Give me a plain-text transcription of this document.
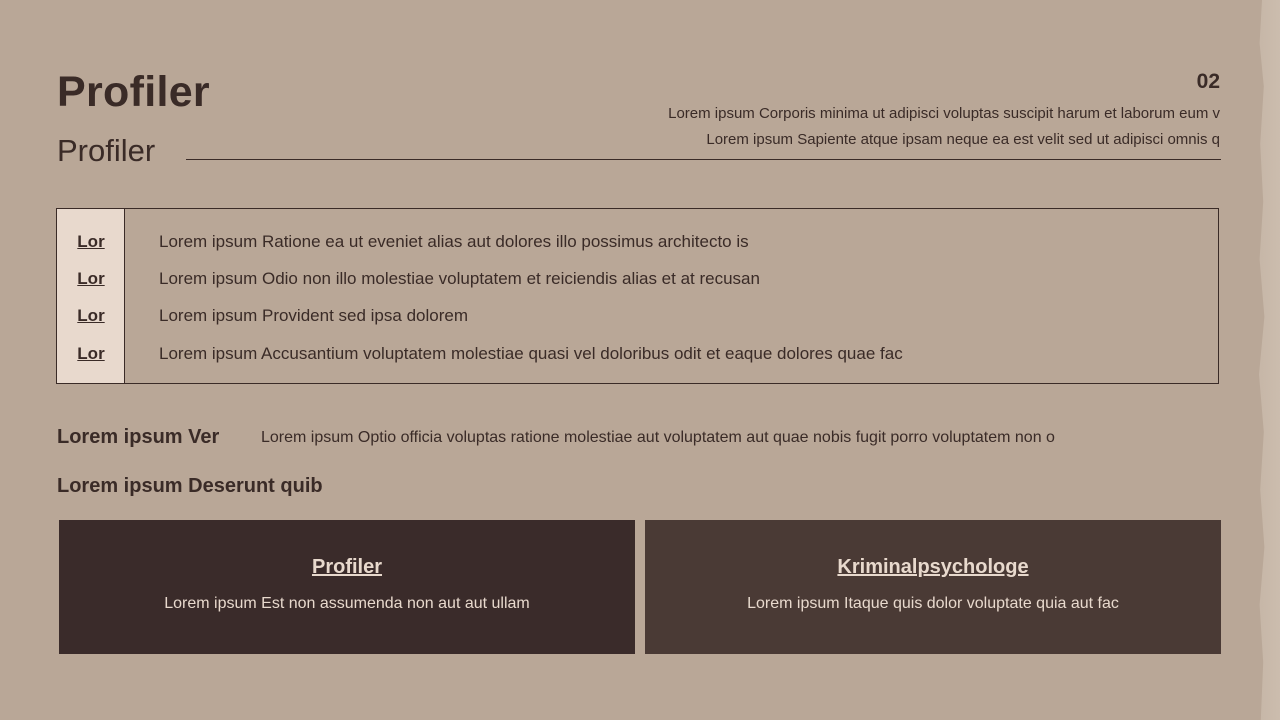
Profiler
Profiler
02
Lorem ipsum Corporis minima ut adipisci voluptas suscipit harum et laborum eum v
Lorem ipsum Sapiente atque ipsam neque ea est velit sed ut adipisci omnis q
Lor	Lorem ipsum Ratione ea ut eveniet alias aut dolores illo possimus architecto is
Lor	Lorem ipsum Odio non illo molestiae voluptatem et reiciendis alias et at recusan
Lor	Lorem ipsum Provident sed ipsa dolorem
Lor	Lorem ipsum Accusantium voluptatem molestiae quasi vel doloribus odit et eaque dolores quae fac
Lorem ipsum Ver	Lorem ipsum Optio officia voluptas ratione molestiae aut voluptatem aut quae nobis fugit porro voluptatem non o
Lorem ipsum Deserunt quib
Profiler
Lorem ipsum Est non assumenda non aut aut ullam
Kriminalpsychologe
Lorem ipsum Itaque quis dolor voluptate quia aut fac
